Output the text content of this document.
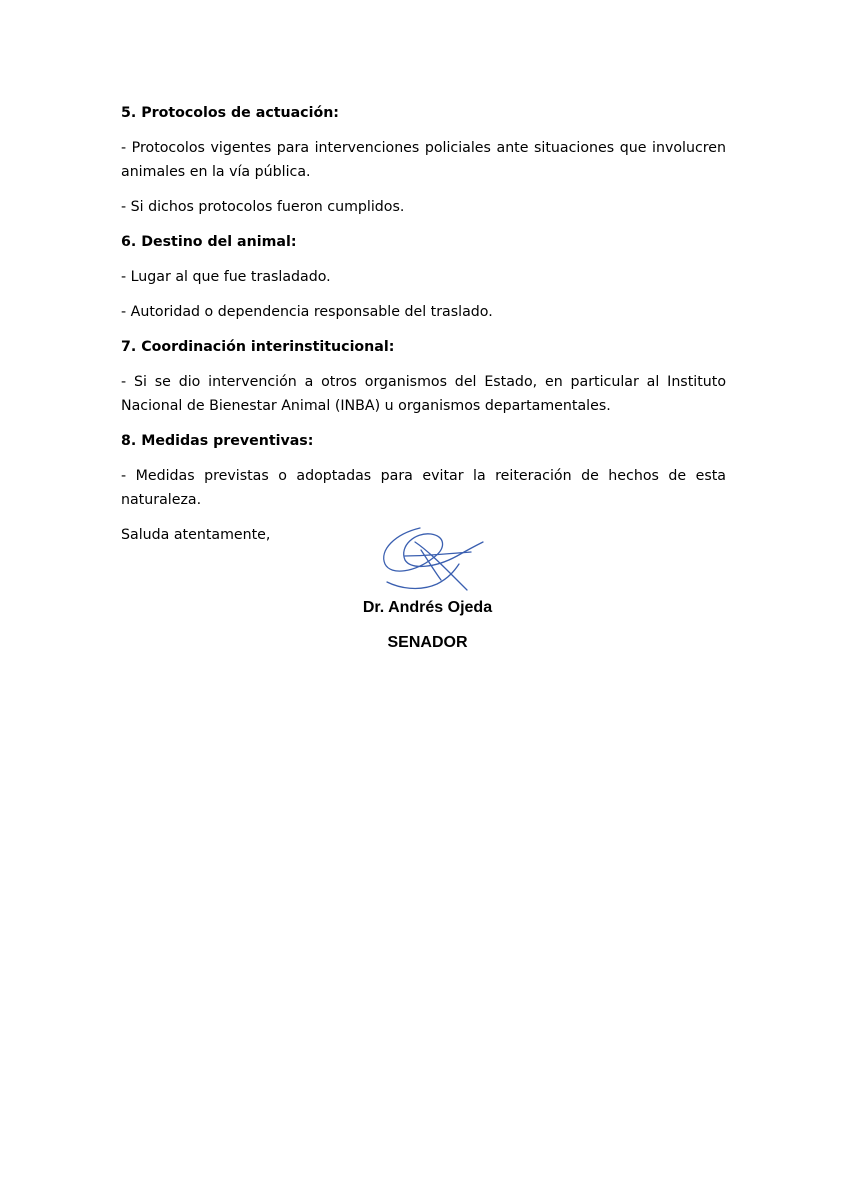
5. Protocolos de actuación:

- Protocolos vigentes para intervenciones policiales ante situaciones que involucren animales en la vía pública.

- Si dichos protocolos fueron cumplidos.

6. Destino del animal:

- Lugar al que fue trasladado.

- Autoridad o dependencia responsable del traslado.

7. Coordinación interinstitucional:

- Si se dio intervención a otros organismos del Estado, en particular al Instituto Nacional de Bienestar Animal (INBA) u organismos departamentales.

8. Medidas preventivas:

- Medidas previstas o adoptadas para evitar la reiteración de hechos de esta naturaleza.

Saluda atentamente,

Dr. Andrés Ojeda
SENADOR
